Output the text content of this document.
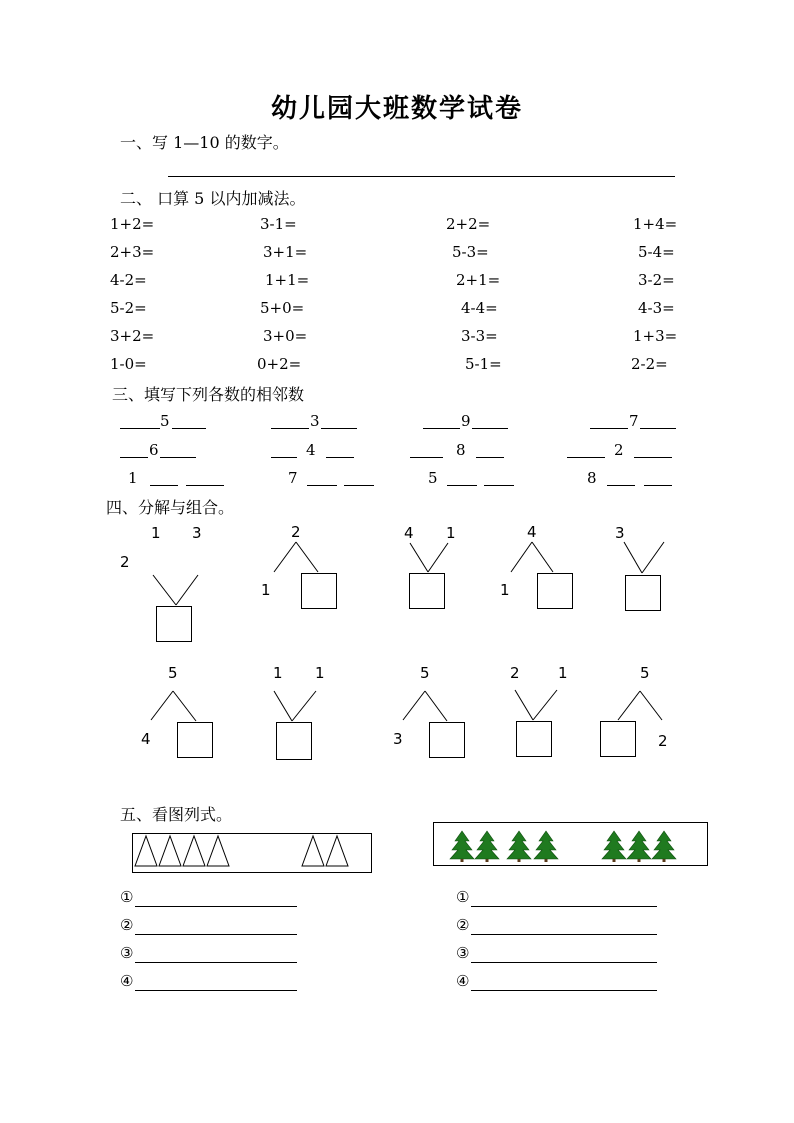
幼儿园大班数学试卷
一、写 1—10 的数字。
二、 口算 5 以内加减法。
1+2=	3-1=	2+2=	1+4=
2+3=	3+1=	5-3=	5-4=
4-2=	1+1=	2+1=	3-2=
5-2=	5+0=	4-4=	4-3=
3+2=	3+0=	3-3=	1+3=
1-0=	0+2=	5-1=	2-2=
三、填写下列各数的相邻数
5	3	9	7
6	4	8	2
1	7	5	8
四、分解与组合。
1 3
2
2
1
4 1	4
1
3
5
4
1 1	5
3
2	1	5
2
五、看图列式。
①
②
③
④
①
②
③
④
